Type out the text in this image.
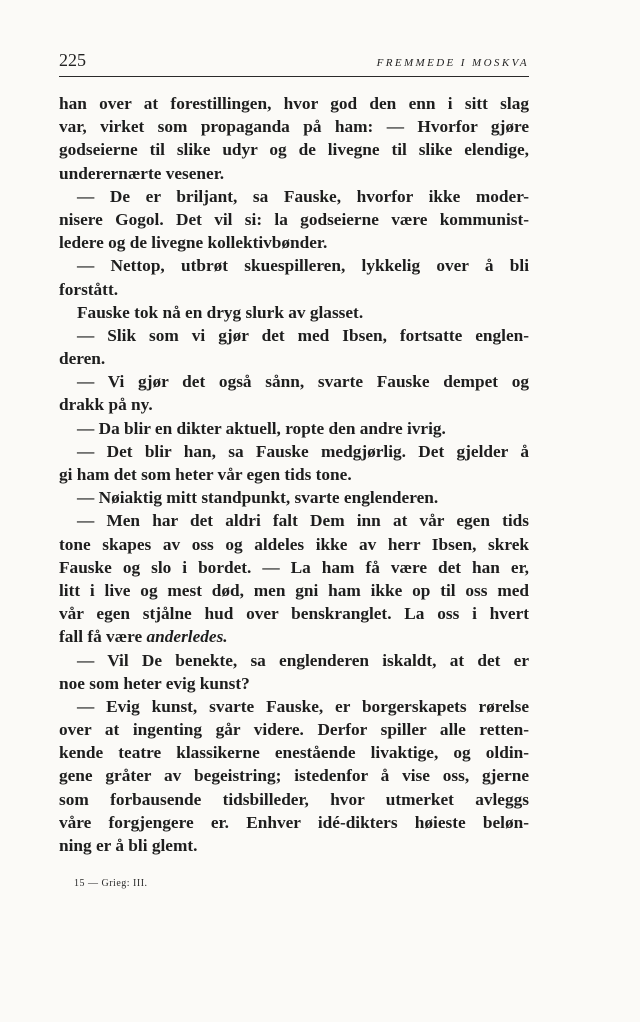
225	FREMMEDE I MOSKVA
han over at forestillingen, hvor god den enn i sitt slag
var, virket som propaganda på ham: — Hvorfor gjøre
godseierne til slike udyr og de livegne til slike elendige,
underernærte vesener.
— De er briljant, sa Fauske, hvorfor ikke moder-
nisere Gogol. Det vil si: la godseierne være kommunist-
ledere og de livegne kollektivbønder.
— Nettop, utbrøt skuespilleren, lykkelig over å bli
forstått.
Fauske tok nå en dryg slurk av glasset.
— Slik som vi gjør det med Ibsen, fortsatte englen-
deren.
— Vi gjør det også sånn, svarte Fauske dempet og
drakk på ny.
— Da blir en dikter aktuell, ropte den andre ivrig.
— Det blir han, sa Fauske medgjørlig. Det gjelder å
gi ham det som heter vår egen tids tone.
— Nøiaktig mitt standpunkt, svarte englenderen.
— Men har det aldri falt Dem inn at vår egen tids
tone skapes av oss og aldeles ikke av herr Ibsen, skrek
Fauske og slo i bordet. — La ham få være det han er,
litt i live og mest død, men gni ham ikke op til oss med
vår egen stjålne hud over benskranglet. La oss i hvert
fall få være anderledes.
— Vil De benekte, sa englenderen iskaldt, at det er
noe som heter evig kunst?
— Evig kunst, svarte Fauske, er borgerskapets rørelse
over at ingenting går videre. Derfor spiller alle retten-
kende teatre klassikerne enestående livaktige, og oldin-
gene gråter av begeistring; istedenfor å vise oss, gjerne
som forbausende tidsbilleder, hvor utmerket avleggs
våre forgjengere er. Enhver idé-dikters høieste beløn-
ning er å bli glemt.
15 — Grieg: III.
